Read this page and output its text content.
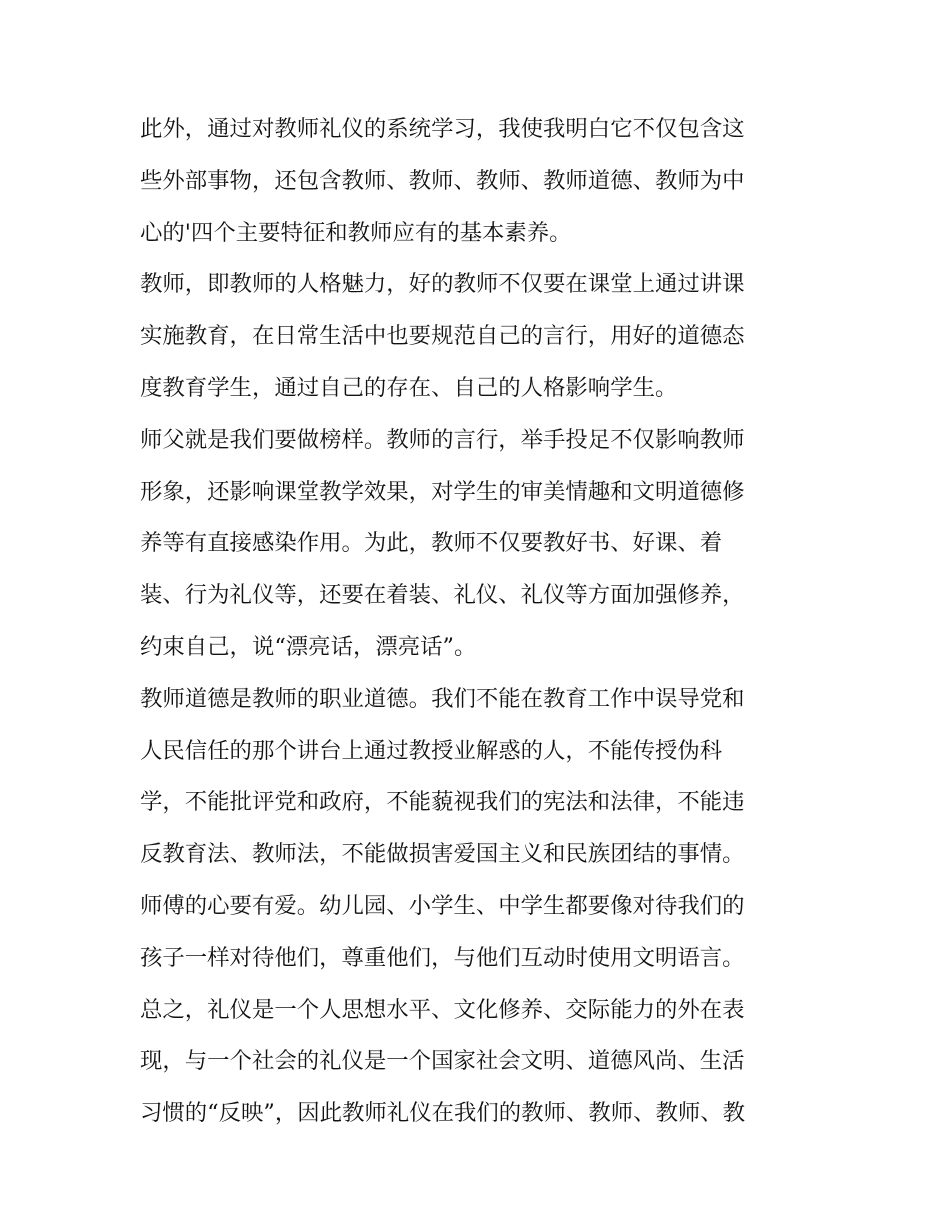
此外，通过对教师礼仪的系统学习，我使我明白它不仅包含这
些外部事物，还包含教师、教师、教师、教师道德、教师为中
心的'四个主要特征和教师应有的基本素养。
教师，即教师的人格魅力，好的教师不仅要在课堂上通过讲课
实施教育，在日常生活中也要规范自己的言行，用好的道德态
度教育学生，通过自己的存在、自己的人格影响学生。
师父就是我们要做榜样。教师的言行，举手投足不仅影响教师
形象，还影响课堂教学效果，对学生的审美情趣和文明道德修
养等有直接感染作用。为此，教师不仅要教好书、好课、着
装、行为礼仪等，还要在着装、礼仪、礼仪等方面加强修养，
约束自己，说“漂亮话，漂亮话”。
教师道德是教师的职业道德。我们不能在教育工作中误导党和
人民信任的那个讲台上通过教授业解惑的人，不能传授伪科
学，不能批评党和政府，不能藐视我们的宪法和法律，不能违
反教育法、教师法，不能做损害爱国主义和民族团结的事情。
师傅的心要有爱。幼儿园、小学生、中学生都要像对待我们的
孩子一样对待他们，尊重他们，与他们互动时使用文明语言。
总之，礼仪是一个人思想水平、文化修养、交际能力的外在表
现，与一个社会的礼仪是一个国家社会文明、道德风尚、生活
习惯的“反映”，因此教师礼仪在我们的教师、教师、教师、教
